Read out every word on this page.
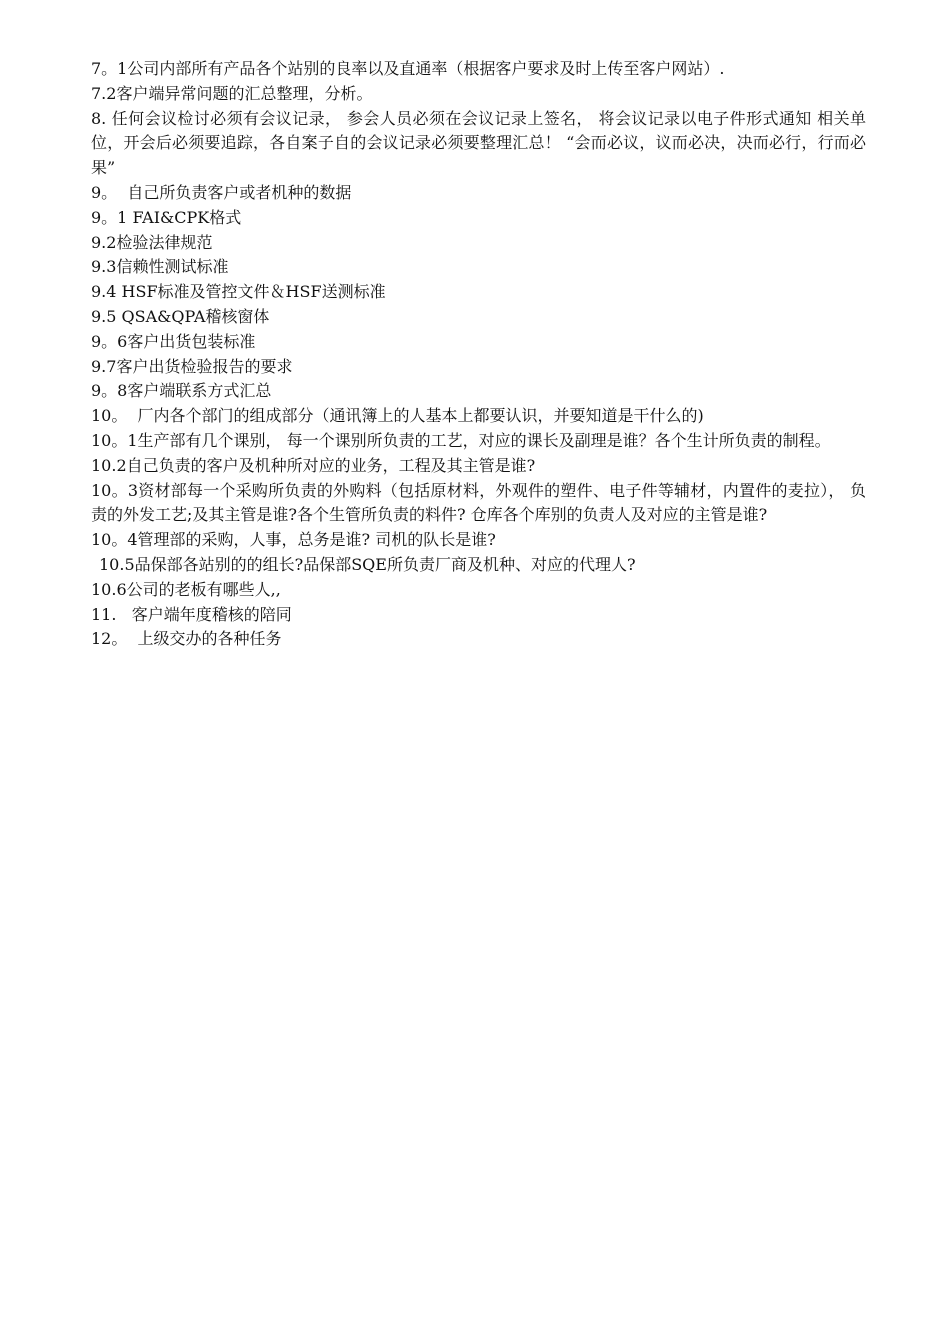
7。1公司内部所有产品各个站别的良率以及直通率（根据客户要求及时上传至客户网站）.

7.2客户端异常问题的汇总整理，分析。

8. 任何会议检讨必须有会议记录， 参会人员必须在会议记录上签名， 将会议记录以电子件形式通知 相关单位，开会后必须要追踪，各自案子自的会议记录必须要整理汇总！ “会而必议，议而必决，决而必行，行而必果”

9。  自己所负责客户或者机种的数据

9。1 FAI&CPK格式

9.2检验法律规范

9.3信赖性测试标准

9.4 HSF标准及管控文件＆HSF送测标准

9.5 QSA&QPA稽核窗体

9。6客户出货包装标准

9.7客户出货检验报告的要求

9。8客户端联系方式汇总

10。  厂内各个部门的组成部分（通讯簿上的人基本上都要认识，并要知道是干什么的)

10。1生产部有几个课别， 每一个课别所负责的工艺，对应的课长及副理是谁？各个生计所负责的制程。

10.2自己负责的客户及机种所对应的业务，工程及其主管是谁?

10。3资材部每一个采购所负责的外购料（包括原材料，外观件的塑件、电子件等辅材，内置件的麦拉）， 负责的外发工艺;及其主管是谁?各个生管所负责的料件? 仓库各个库别的负责人及对应的主管是谁?

10。4管理部的采购，人事，总务是谁? 司机的队长是谁?

10.5品保部各站别的的组长?品保部SQE所负责厂商及机种、对应的代理人?

10.6公司的老板有哪些人,,

11.   客户端年度稽核的陪同

12。  上级交办的各种任务
